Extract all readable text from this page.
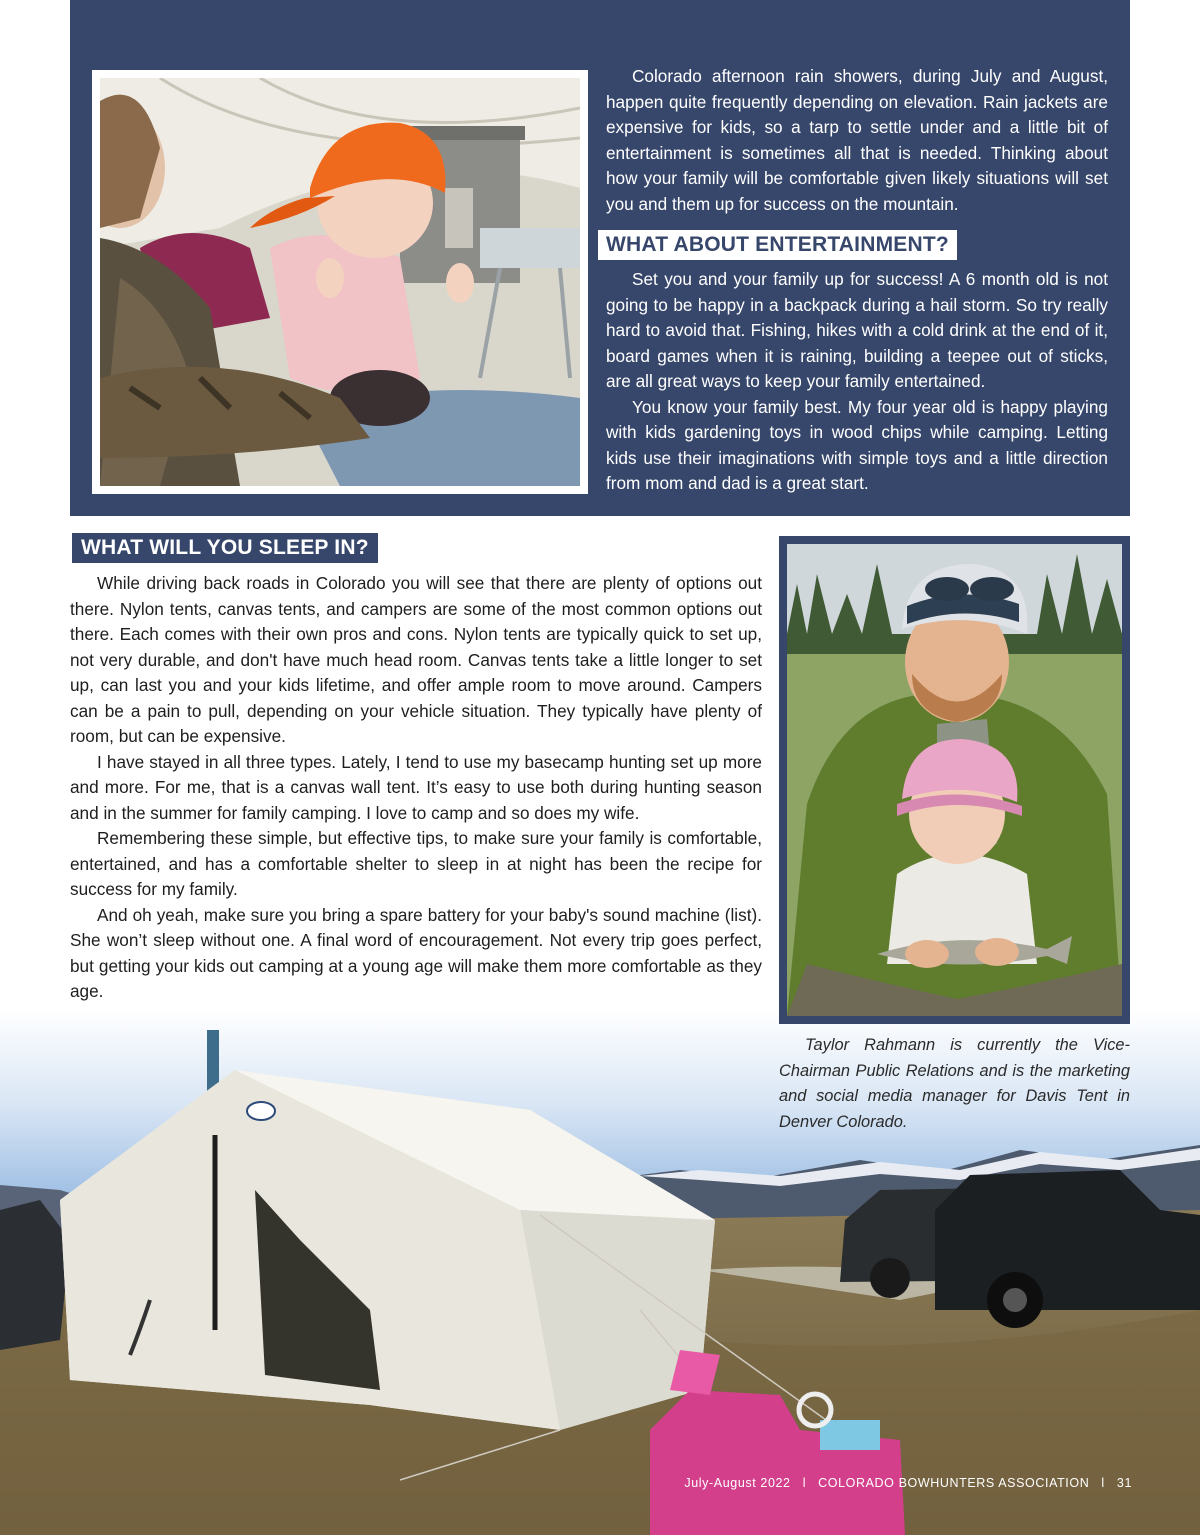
Colorado afternoon rain showers, during July and August, happen quite frequently depending on elevation. Rain jackets are expensive for kids, so a tarp to settle under and a little bit of entertainment is sometimes all that is needed. Thinking about how your family will be comfortable given likely situations will set you and them up for success on the mountain.

WHAT ABOUT ENTERTAINMENT?

Set you and your family up for success! A 6 month old is not going to be happy in a backpack during a hail storm. So try really hard to avoid that. Fishing, hikes with a cold drink at the end of it, board games when it is raining, building a teepee out of sticks, are all great ways to keep your family entertained.

You know your family best. My four year old is happy playing with kids gardening toys in wood chips while camping. Letting kids use their imaginations with simple toys and a little direction from mom and dad is a great start.

WHAT WILL YOU SLEEP IN?

While driving back roads in Colorado you will see that there are plenty of options out there. Nylon tents, canvas tents, and campers are some of the most common options out there. Each comes with their own pros and cons. Nylon tents are typically quick to set up, not very durable, and don't have much head room. Canvas tents take a little longer to set up, can last you and your kids lifetime, and offer ample room to move around. Campers can be a pain to pull, depending on your vehicle situation. They typically have plenty of room, but can be expensive.

I have stayed in all three types. Lately, I tend to use my basecamp hunting set up more and more. For me, that is a canvas wall tent. It’s easy to use both during hunting season and in the summer for family camping. I love to camp and so does my wife.

Remembering these simple, but effective tips, to make sure your family is comfortable, entertained, and has a comfortable shelter to sleep in at night has been the recipe for success for my family.

And oh yeah, make sure you bring a spare battery for your baby's sound machine (list). She won’t sleep without one. A final word of encouragement. Not every trip goes perfect, but getting your kids out camping at a young age will make them more comfortable as they age.

Taylor Rahmann is currently the Vice-Chairman Public Relations and is the marketing and social media manager for Davis Tent in Denver Colorado.

July-August 2022 l COLORADO BOWHUNTERS ASSOCIATION l 31
